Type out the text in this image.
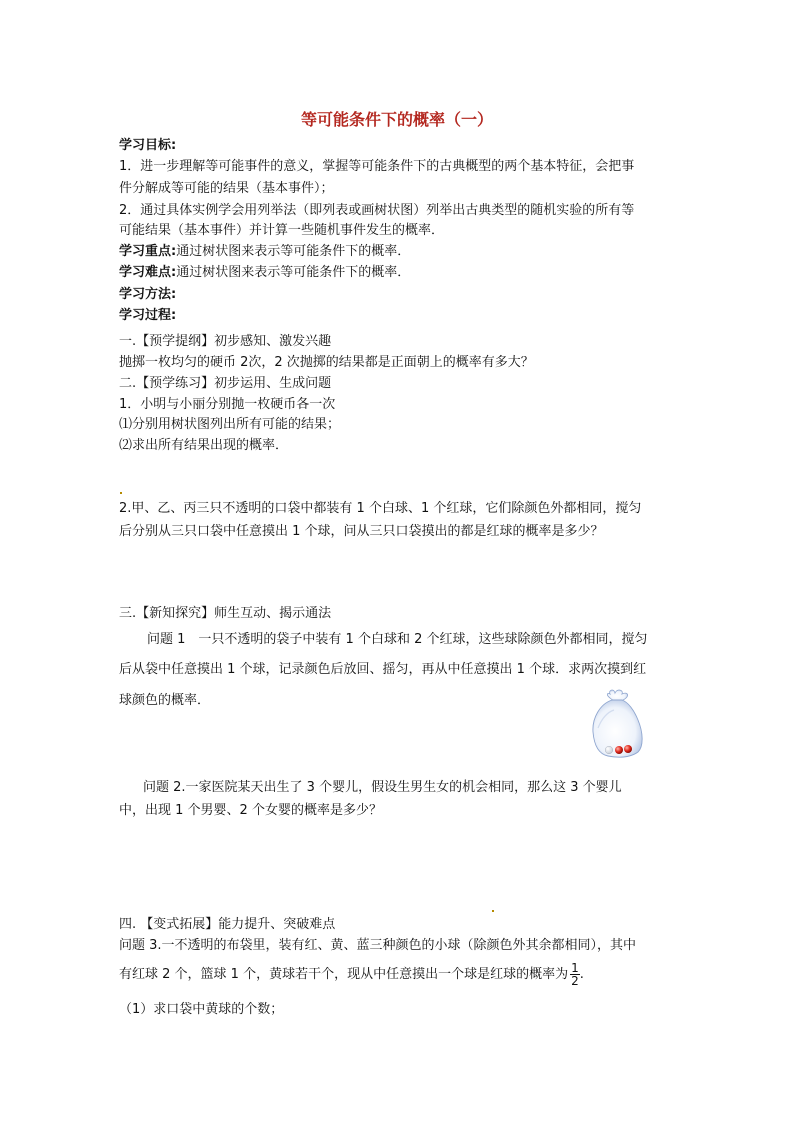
等可能条件下的概率（一）
学习目标:
1．进一步理解等可能事件的意义，掌握等可能条件下的古典概型的两个基本特征，会把事
件分解成等可能的结果（基本事件）；
2．通过具体实例学会用列举法（即列表或画树状图）列举出古典类型的随机实验的所有等
可能结果（基本事件）并计算一些随机事件发生的概率．
学习重点:通过树状图来表示等可能条件下的概率．
学习难点:通过树状图来表示等可能条件下的概率．
学习方法:
学习过程:
一.【预学提纲】初步感知、激发兴趣
抛掷一枚均匀的硬币 2次，2 次抛掷的结果都是正面朝上的概率有多大？
二.【预学练习】初步运用、生成问题
1．小明与小丽分别抛一枚硬币各一次
⑴分别用树状图列出所有可能的结果；
⑵求出所有结果出现的概率．
2.甲、乙、丙三只不透明的口袋中都装有 1 个白球、1 个红球，它们除颜色外都相同，搅匀
后分别从三只口袋中任意摸出 1 个球，问从三只口袋摸出的都是红球的概率是多少？
三.【新知探究】师生互动、揭示通法
问题 1　一只不透明的袋子中装有 1 个白球和 2 个红球，这些球除颜色外都相同，搅匀
后从袋中任意摸出 1 个球，记录颜色后放回、摇匀，再从中任意摸出 1 个球．求两次摸到红
球颜色的概率．
问题 2.一家医院某天出生了 3 个婴儿，假设生男生女的机会相同，那么这 3 个婴儿
中，出现 1 个男婴、2 个女婴的概率是多少？
四. 【变式拓展】能力提升、突破难点
问题 3.一不透明的布袋里，装有红、黄、蓝三种颜色的小球（除颜色外其余都相同），其中
有红球 2 个，篮球 1 个，黄球若干个，现从中任意摸出一个球是红球的概率为 $\frac{1}{2}$ .
（1）求口袋中黄球的个数；
